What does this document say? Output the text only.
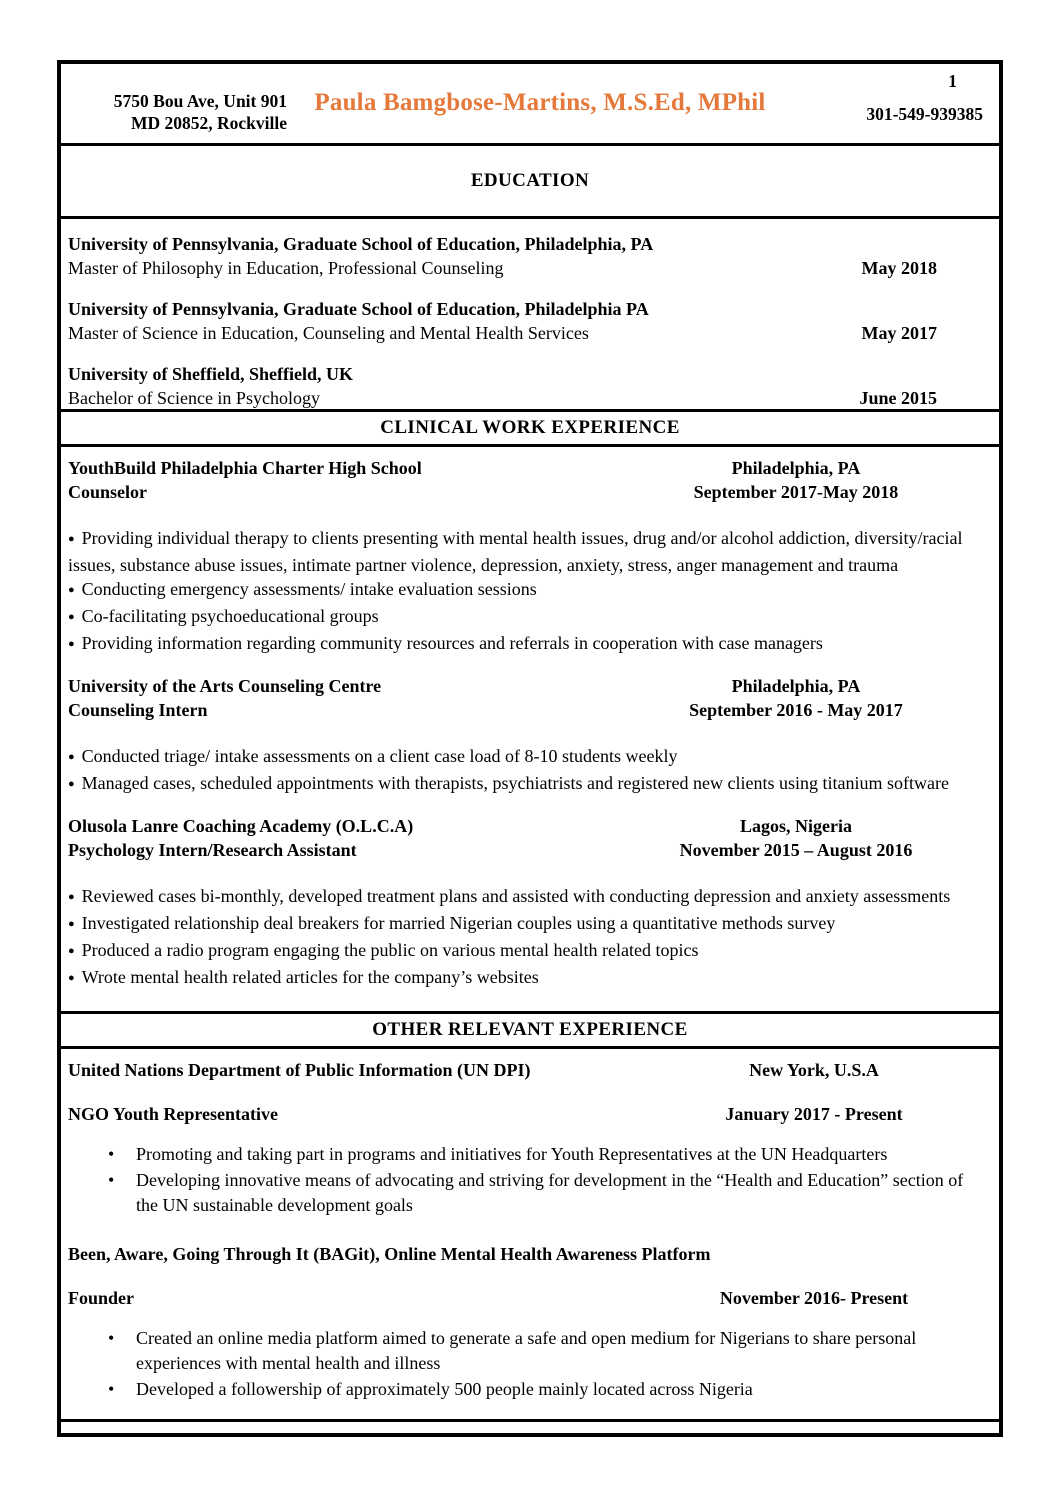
5750 Bou Ave, Unit 901
MD 20852, Rockville
Paula Bamgbose-Martins, M.S.Ed, MPhil
1
301-549-939385
EDUCATION
University of Pennsylvania, Graduate School of Education, Philadelphia, PA
Master of Philosophy in Education, Professional Counseling	May 2018
University of Pennsylvania, Graduate School of Education, Philadelphia PA
Master of Science in Education, Counseling and Mental Health Services	May 2017
University of Sheffield, Sheffield, UK
Bachelor of Science in Psychology	June 2015
CLINICAL WORK EXPERIENCE
YouthBuild Philadelphia Charter High School	Philadelphia, PA
Counselor	September 2017-May 2018
● Providing individual therapy to clients presenting with mental health issues, drug and/or alcohol addiction, diversity/racial issues, substance abuse issues, intimate partner violence, depression, anxiety, stress, anger management and trauma
● Conducting emergency assessments/ intake evaluation sessions
● Co-facilitating psychoeducational groups
● Providing information regarding community resources and referrals in cooperation with case managers
University of the Arts Counseling Centre	Philadelphia, PA
Counseling Intern	September 2016 - May 2017
● Conducted triage/ intake assessments on a client case load of 8-10 students weekly
● Managed cases, scheduled appointments with therapists, psychiatrists and registered new clients using titanium software
Olusola Lanre Coaching Academy (O.L.C.A)	Lagos, Nigeria
Psychology Intern/Research Assistant	November 2015 – August 2016
● Reviewed cases bi-monthly, developed treatment plans and assisted with conducting depression and anxiety assessments
● Investigated relationship deal breakers for married Nigerian couples using a quantitative methods survey
● Produced a radio program engaging the public on various mental health related topics
● Wrote mental health related articles for the company’s websites
OTHER RELEVANT EXPERIENCE
United Nations Department of Public Information (UN DPI)	New York, U.S.A
NGO Youth Representative	January 2017 - Present
•	Promoting and taking part in programs and initiatives for Youth Representatives at the UN Headquarters
•	Developing innovative means of advocating and striving for development in the “Health and Education” section of the UN sustainable development goals
Been, Aware, Going Through It (BAGit), Online Mental Health Awareness Platform
Founder	November 2016- Present
•	Created an online media platform aimed to generate a safe and open medium for Nigerians to share personal experiences with mental health and illness
•	Developed a followership of approximately 500 people mainly located across Nigeria
